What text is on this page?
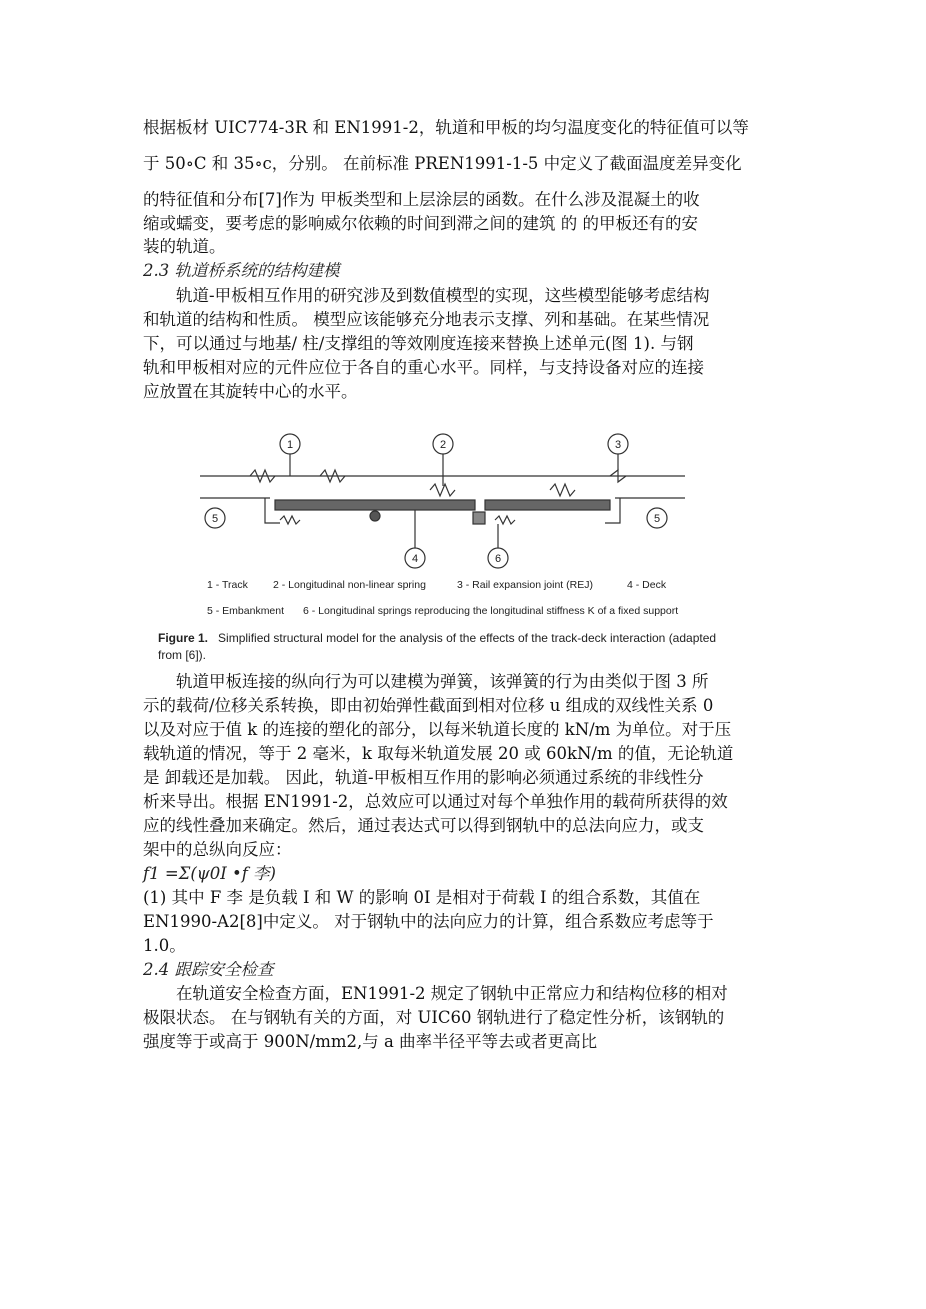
根据板材 UIC774-3R 和 EN1991-2，轨道和甲板的均匀温度变化的特征值可以等
于 50∘C 和 35∘c，分别。 在前标准 PREN1991-1-5 中定义了截面温度差异变化
的特征值和分布[7]作为 甲板类型和上层涂层的函数。在什么涉及混凝土的收
缩或蠕变，要考虑的影响威尔依赖的时间到滞之间的建筑 的 的甲板还有的安
装的轨道。
2.3 轨道桥系统的结构建模
　　轨道-甲板相互作用的研究涉及到数值模型的实现，这些模型能够考虑结构
和轨道的结构和性质。 模型应该能够充分地表示支撑、列和基础。在某些情况
下，可以通过与地基/ 柱/支撑组的等效刚度连接来替换上述单元(图 1). 与钢
轨和甲板相对应的元件应位于各自的重心水平。同样，与支持设备对应的连接
应放置在其旋转中心的水平。
1	2	3
4
5	5
6
1 - Track 2 - Longitudinal non-linear spring	3 - Rail expansion joint (REJ)	4 - Deck
5 - Embankment 6 - Longitudinal springs reproducing the longitudinal stiffness K of a fixed support
Figure 1. Simplified structural model for the analysis of the effects of the track-deck interaction (adapted
from [6]).
　　轨道甲板连接的纵向行为可以建模为弹簧，该弹簧的行为由类似于图 3 所
示的载荷/位移关系转换，即由初始弹性截面到相对位移 u 组成的双线性关系 0
以及对应于值 k 的连接的塑化的部分，以每米轨道长度的 kN/m 为单位。对于压
载轨道的情况，等于 2 毫米，k 取每米轨道发展 20 或 60kN/m 的值，无论轨道
是 卸载还是加载。 因此，轨道-甲板相互作用的影响必须通过系统的非线性分
析来导出。根据 EN1991-2，总效应可以通过对每个单独作用的载荷所获得的效
应的线性叠加来确定。然后，通过表达式可以得到钢轨中的总法向应力，或支
架中的总纵向反应：
f1 =Σ(ψ0I •f 李)
(1) 其中 F 李 是负载 I 和 W 的影响 0I 是相对于荷载 I 的组合系数，其值在
EN1990-A2[8]中定义。 对于钢轨中的法向应力的计算，组合系数应考虑等于
1.0。
2.4 跟踪安全检查
　　在轨道安全检查方面，EN1991-2 规定了钢轨中正常应力和结构位移的相对
极限状态。 在与钢轨有关的方面，对 UIC60 钢轨进行了稳定性分析，该钢轨的
强度等于或高于 900N/mm2,与 a 曲率半径平等去或者更高比
